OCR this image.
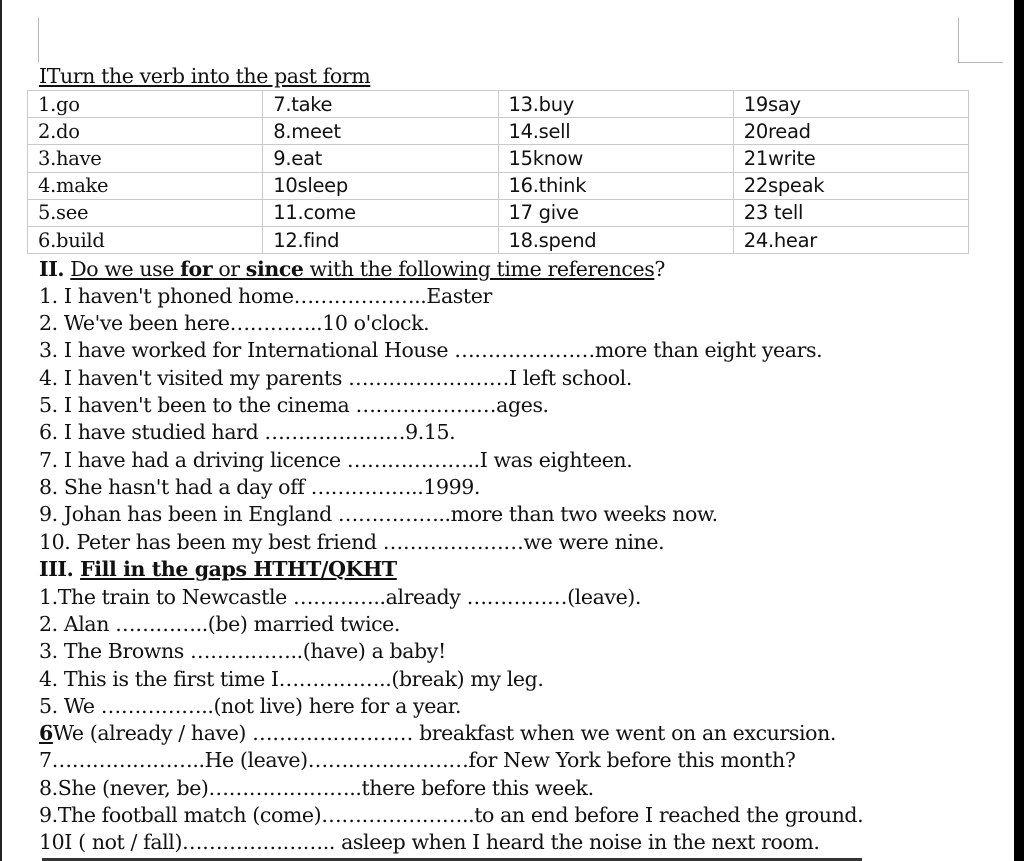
ITurn the verb into the past form
1.go	7.take	13.buy	19say
2.do	8.meet	14.sell	20read
3.have	9.eat	15know	21write
4.make	10sleep	16.think	22speak
5.see	11.come	17 give	23 tell
6.build	12.find	18.spend	24.hear
II. Do we use for or since with the following time references?
1. I haven't phoned home………………..Easter
2. We've been here…………..10 o'clock.
3. I have worked for International House …………………more than eight years.
4. I haven't visited my parents ……………………I left school.
5. I haven't been to the cinema …………………ages.
6. I have studied hard …………………9.15.
7. I have had a driving licence ………………..I was eighteen.
8. She hasn't had a day off ……………..1999.
9. Johan has been in England ……………..more than two weeks now.
10. Peter has been my best friend …………………we were nine.
III. Fill in the gaps HTHT/QKHT
1.The train to Newcastle …………..already ……………(leave).
2. Alan …………..(be) married twice.
3. The Browns ……………..(have) a baby!
4. This is the first time I……………..(break) my leg.
5. We ……………..(not live) here for a year.
6We (already / have) …………………… breakfast when we went on an excursion.
7…………………..He (leave)……………………for New York before this month?
8.She (never, be)…………………..there before this week.
9.The football match (come)…………………..to an end before I reached the ground.
10I ( not / fall)………………….. asleep when I heard the noise in the next room.
